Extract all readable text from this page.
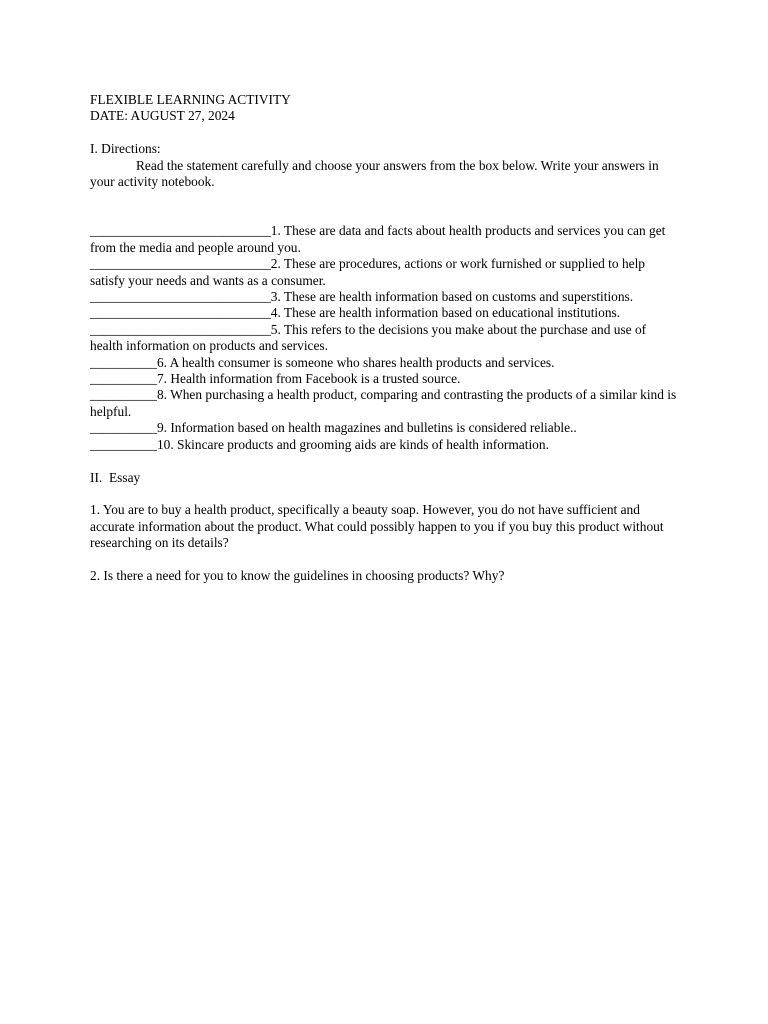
FLEXIBLE LEARNING ACTIVITY
DATE: AUGUST 27, 2024
I. Directions:
Read the statement carefully and choose your answers from the box below. Write your answers in your activity notebook.
___________________________1. These are data and facts about health products and services you can get from the media and people around you.
___________________________2. These are procedures, actions or work furnished or supplied to help satisfy your needs and wants as a consumer.
___________________________3. These are health information based on customs and superstitions.
___________________________4. These are health information based on educational institutions.
___________________________5. This refers to the decisions you make about the purchase and use of health information on products and services.
__________6. A health consumer is someone who shares health products and services.
__________7. Health information from Facebook is a trusted source.
__________8. When purchasing a health product, comparing and contrasting the products of a similar kind is helpful.
__________9. Information based on health magazines and bulletins is considered reliable..
__________10. Skincare products and grooming aids are kinds of health information.
II.  Essay
1. You are to buy a health product, specifically a beauty soap. However, you do not have sufficient and accurate information about the product. What could possibly happen to you if you buy this product without researching on its details?
2. Is there a need for you to know the guidelines in choosing products? Why?
